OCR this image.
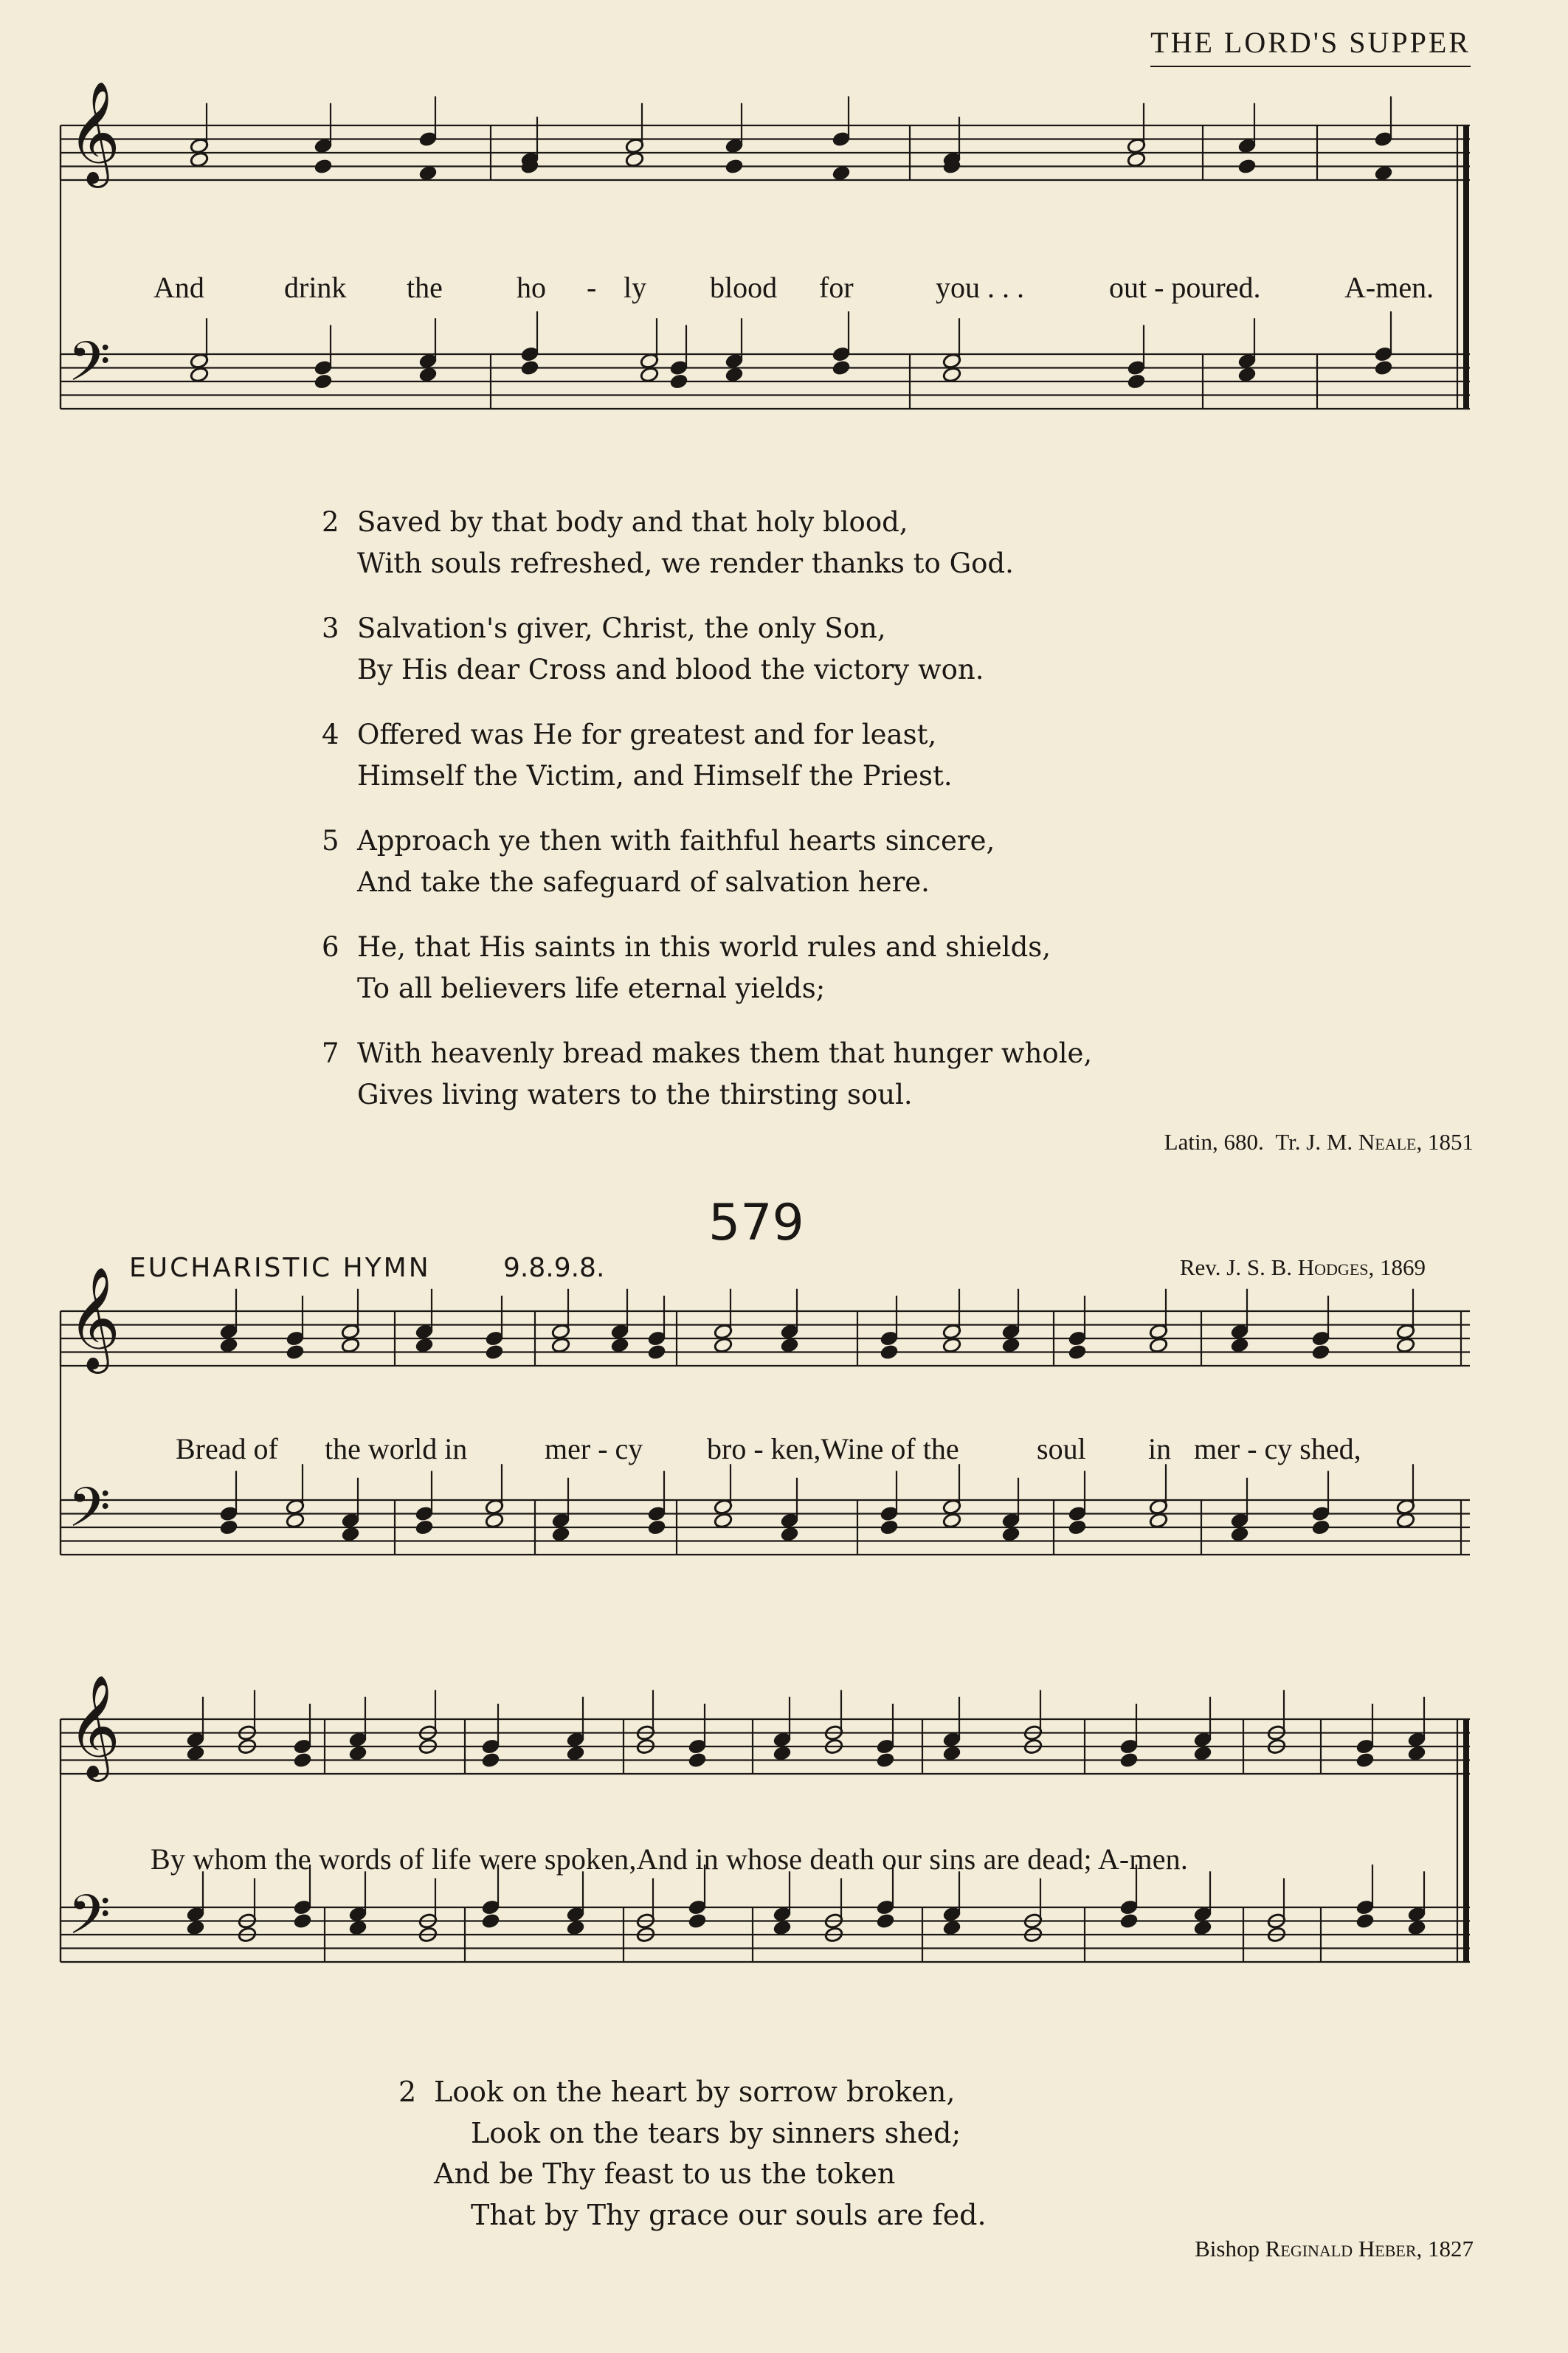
THE LORD'S SUPPER
𝄞
𝄢
𝄞
𝄢
𝄞
𝄢
And	drink the	ho - ly blood for	you . . .	out - poured.	A-men.
2 Saved by that body and that holy blood,
With souls refreshed, we render thanks to God.
3 Salvation's giver, Christ, the only Son,
By His dear Cross and blood the victory won.
4 Offered was He for greatest and for least,
Himself the Victim, and Himself the Priest.
5 Approach ye then with faithful hearts sincere,
And take the safeguard of salvation here.
6 He, that His saints in this world rules and shields,
To all believers life eternal yields;
7 With heavenly bread makes them that hunger whole,
Gives living waters to the thirsting soul.
Latin, 680. Tr. J. M. Neale, 1851
579
EUCHARISTIC HYMN	9.8.9.8.	Rev. J. S. B. Hodges, 1869
Bread of the world in	mer - cy bro - ken,Wine of the	soul in mer - cy shed,
By whom the words of life were spoken,And in whose death our sins are dead; A-men.
2 Look on the heart by sorrow broken,
Look on the tears by sinners shed;
And be Thy feast to us the token
That by Thy grace our souls are fed.
Bishop Reginald Heber, 1827
